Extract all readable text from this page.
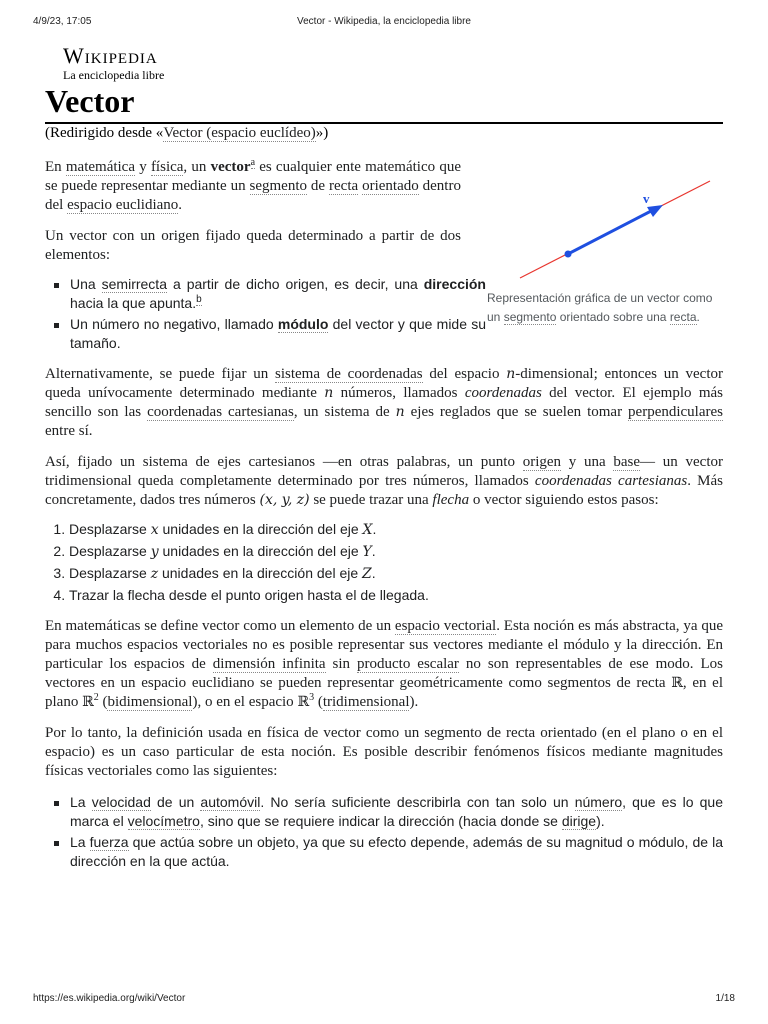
4/9/23, 17:05	Vector - Wikipedia, la enciclopedia libre
Wikipedia
La enciclopedia libre
Vector
(Redirigido desde «Vector (espacio euclídeo)»)
v
Representación gráfica de un vector como un segmento orientado sobre una recta.

En matemática y física, un vector$^a$ es cualquier ente matemático que se puede representar mediante un segmento de recta orientado dentro del espacio euclidiano.

Un vector con un origen fijado queda determinado a partir de dos elementos:

Una semirrecta a partir de dicho origen, es decir, una dirección hacia la que apunta.$^b$
Un número no negativo, llamado módulo del vector y que mide su tamaño.

Alternativamente, se puede fijar un sistema de coordenadas del espacio n-dimensional; entonces un vector queda unívocamente determinado mediante n números, llamados coordenadas del vector. El ejemplo más sencillo son las coordenadas cartesianas, un sistema de n ejes reglados que se suelen tomar perpendiculares entre sí.

Así, fijado un sistema de ejes cartesianos —en otras palabras, un punto origen y una base— un vector tridimensional queda completamente determinado por tres números, llamados coordenadas cartesianas. Más concretamente, dados tres números (x, y, z) se puede trazar una flecha o vector siguiendo estos pasos:

1. Desplazarse x unidades en la dirección del eje X.
2. Desplazarse y unidades en la dirección del eje Y.
3. Desplazarse z unidades en la dirección del eje Z.
4. Trazar la flecha desde el punto origen hasta el de llegada.

En matemáticas se define vector como un elemento de un espacio vectorial. Esta noción es más abstracta, ya que para muchos espacios vectoriales no es posible representar sus vectores mediante el módulo y la dirección. En particular los espacios de dimensión infinita sin producto escalar no son representables de ese modo. Los vectores en un espacio euclidiano se pueden representar geométricamente como segmentos de recta ℝ, en el plano ℝ$^2$ (bidimensional), o en el espacio ℝ$^3$ (tridimensional).

Por lo tanto, la definición usada en física de vector como un segmento de recta orientado (en el plano o en el espacio) es un caso particular de esta noción. Es posible describir fenómenos físicos mediante magnitudes físicas vectoriales como las siguientes:

La velocidad de un automóvil. No sería suficiente describirla con tan solo un número, que es lo que marca el velocímetro, sino que se requiere indicar la dirección (hacia donde se dirige).
La fuerza que actúa sobre un objeto, ya que su efecto depende, además de su magnitud o módulo, de la dirección en la que actúa.
https://es.wikipedia.org/wiki/Vector	1/18
